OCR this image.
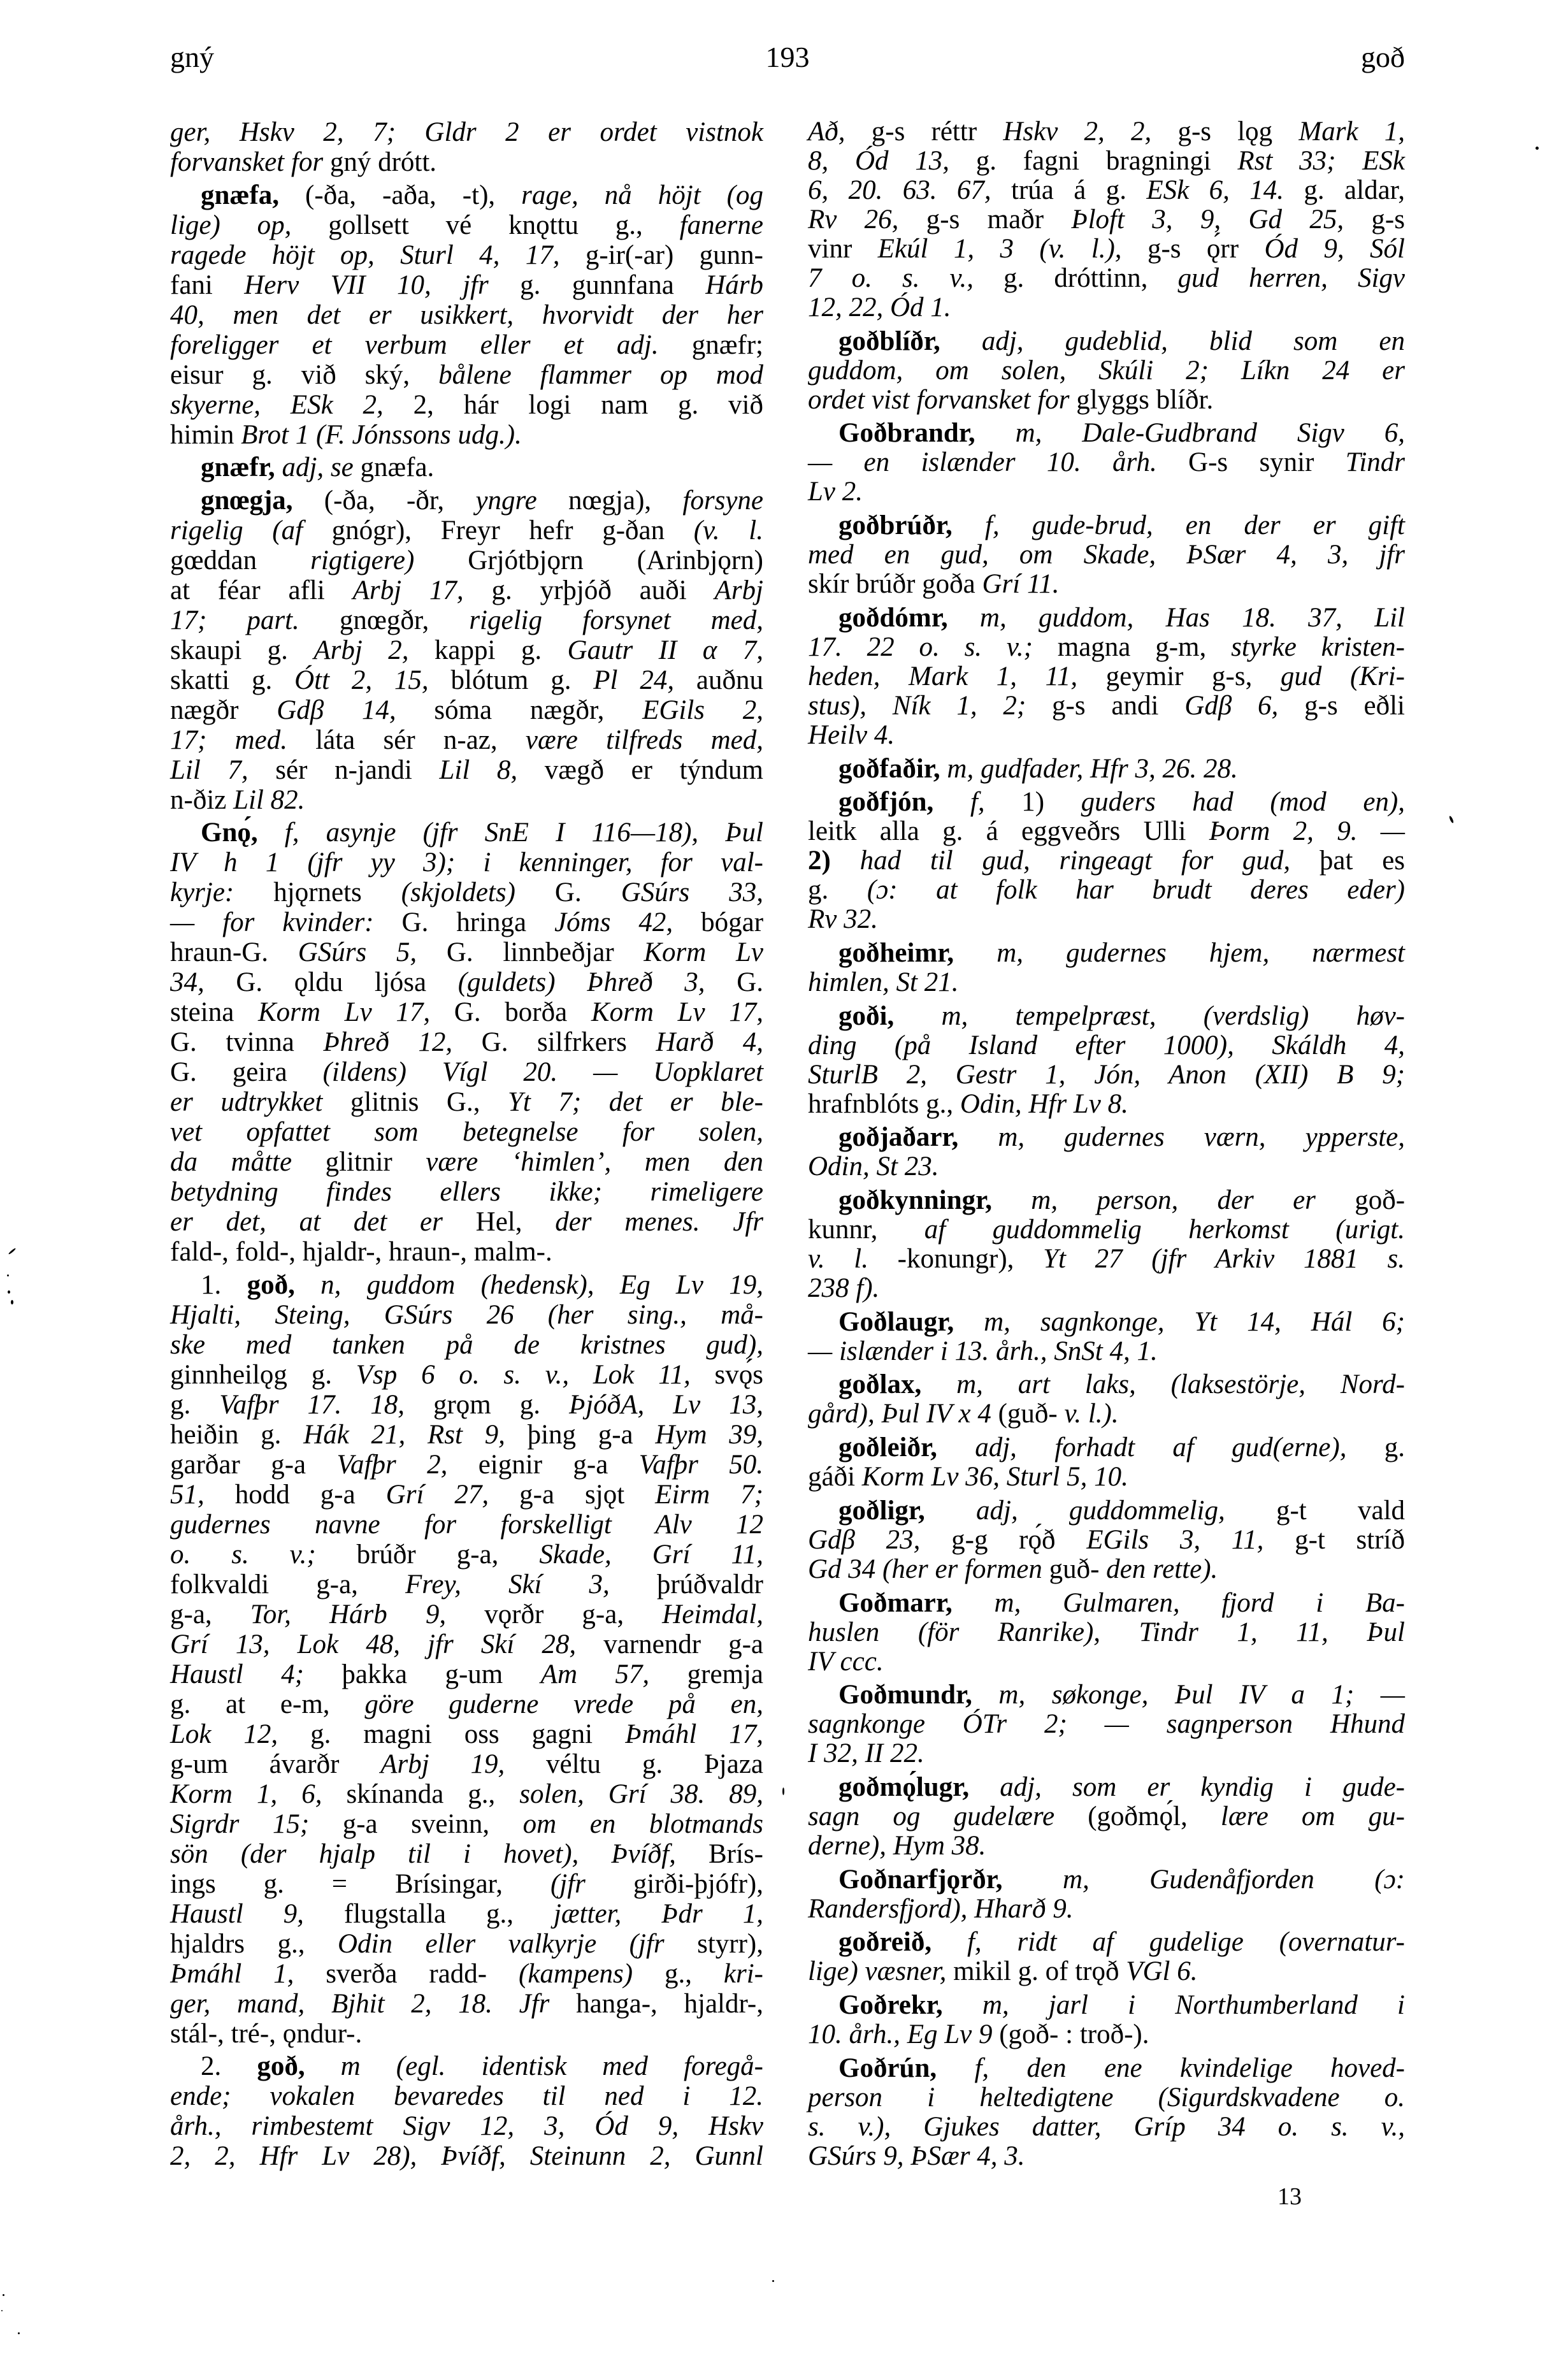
gný	193	goð
ger, Hskv 2, 7; Gldr 2 er ordet vistnok
forvansket for gný drótt.
gnæfa, (-ða, -aða, -t), rage, nå höjt (og
lige) op, gollsett vé knǫttu g., fanerne
ragede höjt op, Sturl 4, 17, g-ir(-ar) gunn-
fani Herv VII 10, jfr g. gunnfana Hárb
40, men det er usikkert, hvorvidt der her
foreligger et verbum eller et adj. gnæfr;
eisur g. við ský, bålene flammer op mod
skyerne, ESk 2, 2, hár logi nam g. við
himin Brot 1 (F. Jónssons udg.).
gnæfr, adj, se gnæfa.
gnœgja, (-ða, -ðr, yngre nœgja), forsyne
rigelig (af gnógr), Freyr hefr g-ðan (v. l.
gœddan rigtigere) Grjótbjǫrn (Arinbjǫrn)
at féar afli Arbj 17, g. yrþjóð auði Arbj
17; part. gnœgðr, rigelig forsynet med,
skaupi g. Arbj 2, kappi g. Gautr II α 7,
skatti g. Ótt 2, 15, blótum g. Pl 24, auðnu
nægðr Gdβ 14, sóma nægðr, EGils 2,
17; med. láta sér n-az, være tilfreds med,
Lil 7, sér n-jandi Lil 8, vægð er týndum
n-ðiz Lil 82.
Gnǫ́, f, asynje (jfr SnE I 116—18), Þul
IV h 1 (jfr yy 3); i kenninger, for val-
kyrje: hjǫrnets (skjoldets) G. GSúrs 33,
— for kvinder: G. hringa Jóms 42, bógar
hraun-G. GSúrs 5, G. linnbeðjar Korm Lv
34, G. ǫldu ljósa (guldets) Þhreð 3, G.
steina Korm Lv 17, G. borða Korm Lv 17,
G. tvinna Þhreð 12, G. silfrkers Harð 4,
G. geira (ildens) Vígl 20. — Uopklaret
er udtrykket glitnis G., Yt 7; det er ble-
vet opfattet som betegnelse for solen,
da måtte glitnir være ‘himlen’, men den
betydning findes ellers ikke; rimeligere
er det, at det er Hel, der menes. Jfr
fald-, fold-, hjaldr-, hraun-, malm-.
1. goð, n, guddom (hedensk), Eg Lv 19,
Hjalti, Steing, GSúrs 26 (her sing., må-
ske med tanken på de kristnes gud),
ginnheilǫg g. Vsp 6 o. s. v., Lok 11, svǫ́s
g. Vafþr 17. 18, grǫm g. ÞjóðA, Lv 13,
heiðin g. Hák 21, Rst 9, þing g-a Hym 39,
garðar g-a Vafþr 2, eignir g-a Vafþr 50.
51, hodd g-a Grí 27, g-a sjǫt Eirm 7;
gudernes navne for forskelligt Alv 12
o. s. v.; brúðr g-a, Skade, Grí 11,
folkvaldi g-a, Frey, Skí 3, þrúðvaldr
g-a, Tor, Hárb 9, vǫrðr g-a, Heimdal,
Grí 13, Lok 48, jfr Skí 28, varnendr g-a
Haustl 4; þakka g-um Am 57, gremja
g. at e-m, göre guderne vrede på en,
Lok 12, g. magni oss gagni Þmáhl 17,
g-um ávarðr Arbj 19, véltu g. Þjaza
Korm 1, 6, skínanda g., solen, Grí 38. 89,
Sigrdr 15; g-a sveinn, om en blotmands
sön (der hjalp til i hovet), Þvíðf, Brís-
ings g. = Brísingar, (jfr girði-þjófr),
Haustl 9, flugstalla g., jætter, Þdr 1,
hjaldrs g., Odin eller valkyrje (jfr styrr),
Þmáhl 1, sverða radd- (kampens) g., kri-
ger, mand, Bjhit 2, 18. Jfr hanga-, hjaldr-,
stál-, tré-, ǫndur-.
2. goð, m (egl. identisk med foregå-
ende; vokalen bevaredes til ned i 12.
årh., rimbestemt Sigv 12, 3, Ód 9, Hskv
2, 2, Hfr Lv 28), Þvíðf, Steinunn 2, Gunnl
Að, g-s réttr Hskv 2, 2, g-s lǫg Mark 1,
8, Ód 13, g. fagni bragningi Rst 33; ESk
6, 20. 63. 67, trúa á g. ESk 6, 14. g. aldar,
Rv 26, g-s maðr Þloft 3, 9, Gd 25, g-s
vinr Ekúl 1, 3 (v. l.), g-s ǫ́rr Ód 9, Sól
7 o. s. v., g. dróttinn, gud herren, Sigv
12, 22, Ód 1.
goðblíðr, adj, gudeblid, blid som en
guddom, om solen, Skúli 2; Líkn 24 er
ordet vist forvansket for glyggs blíðr.
Goðbrandr, m, Dale-Gudbrand Sigv 6,
— en islænder 10. årh. G-s synir Tindr
Lv 2.
goðbrúðr, f, gude-brud, en der er gift
med en gud, om Skade, ÞSær 4, 3, jfr
skír brúðr goða Grí 11.
goðdómr, m, guddom, Has 18. 37, Lil
17. 22 o. s. v.; magna g-m, styrke kristen-
heden, Mark 1, 11, geymir g-s, gud (Kri-
stus), Ník 1, 2; g-s andi Gdβ 6, g-s eðli
Heilv 4.
goðfaðir, m, gudfader, Hfr 3, 26. 28.
goðfjón, f, 1) guders had (mod en),
leitk alla g. á eggveðrs Ulli Þorm 2, 9. —
2) had til gud, ringeagt for gud, þat es
g. (ɔ: at folk har brudt deres eder)
Rv 32.
goðheimr, m, gudernes hjem, nærmest
himlen, St 21.
goði, m, tempelpræst, (verdslig) høv-
ding (på Island efter 1000), Skáldh 4,
SturlB 2, Gestr 1, Jón, Anon (XII) B 9;
hrafnblóts g., Odin, Hfr Lv 8.
goðjaðarr, m, gudernes værn, ypperste,
Odin, St 23.
goðkynningr, m, person, der er goð-
kunnr, af guddommelig herkomst (urigt.
v. l. -konungr), Yt 27 (jfr Arkiv 1881 s.
238 f).
Goðlaugr, m, sagnkonge, Yt 14, Hál 6;
— islænder i 13. årh., SnSt 4, 1.
goðlax, m, art laks, (laksestörje, Nord-
gård), Þul IV x 4 (guð- v. l.).
goðleiðr, adj, forhadt af gud(erne), g.
gáði Korm Lv 36, Sturl 5, 10.
goðligr, adj, guddommelig, g-t vald
Gdβ 23, g-g rǫ́ð EGils 3, 11, g-t stríð
Gd 34 (her er formen guð- den rette).
Goðmarr, m, Gulmaren, fjord i Ba-
huslen (för Ranrike), Tindr 1, 11, Þul
IV ccc.
Goðmundr, m, søkonge, Þul IV a 1; —
sagnkonge ÓTr 2; — sagnperson Hhund
I 32, II 22.
goðmǫ́lugr, adj, som er kyndig i gude-
sagn og gudelære (goðmǫ́l, lære om gu-
derne), Hym 38.
Goðnarfjǫrðr, m, Gudenåfjorden (ɔ:
Randersfjord), Hharð 9.
goðreið, f, ridt af gudelige (overnatur-
lige) væsner, mikil g. of trǫð VGl 6.
Goðrekr, m, jarl i Northumberland i
10. årh., Eg Lv 9 (goð- : troð-).
Goðrún, f, den ene kvindelige hoved-
person i heltedigtene (Sigurdskvadene o.
s. v.), Gjukes datter, Gríp 34 o. s. v.,
GSúrs 9, ÞSær 4, 3.
13
